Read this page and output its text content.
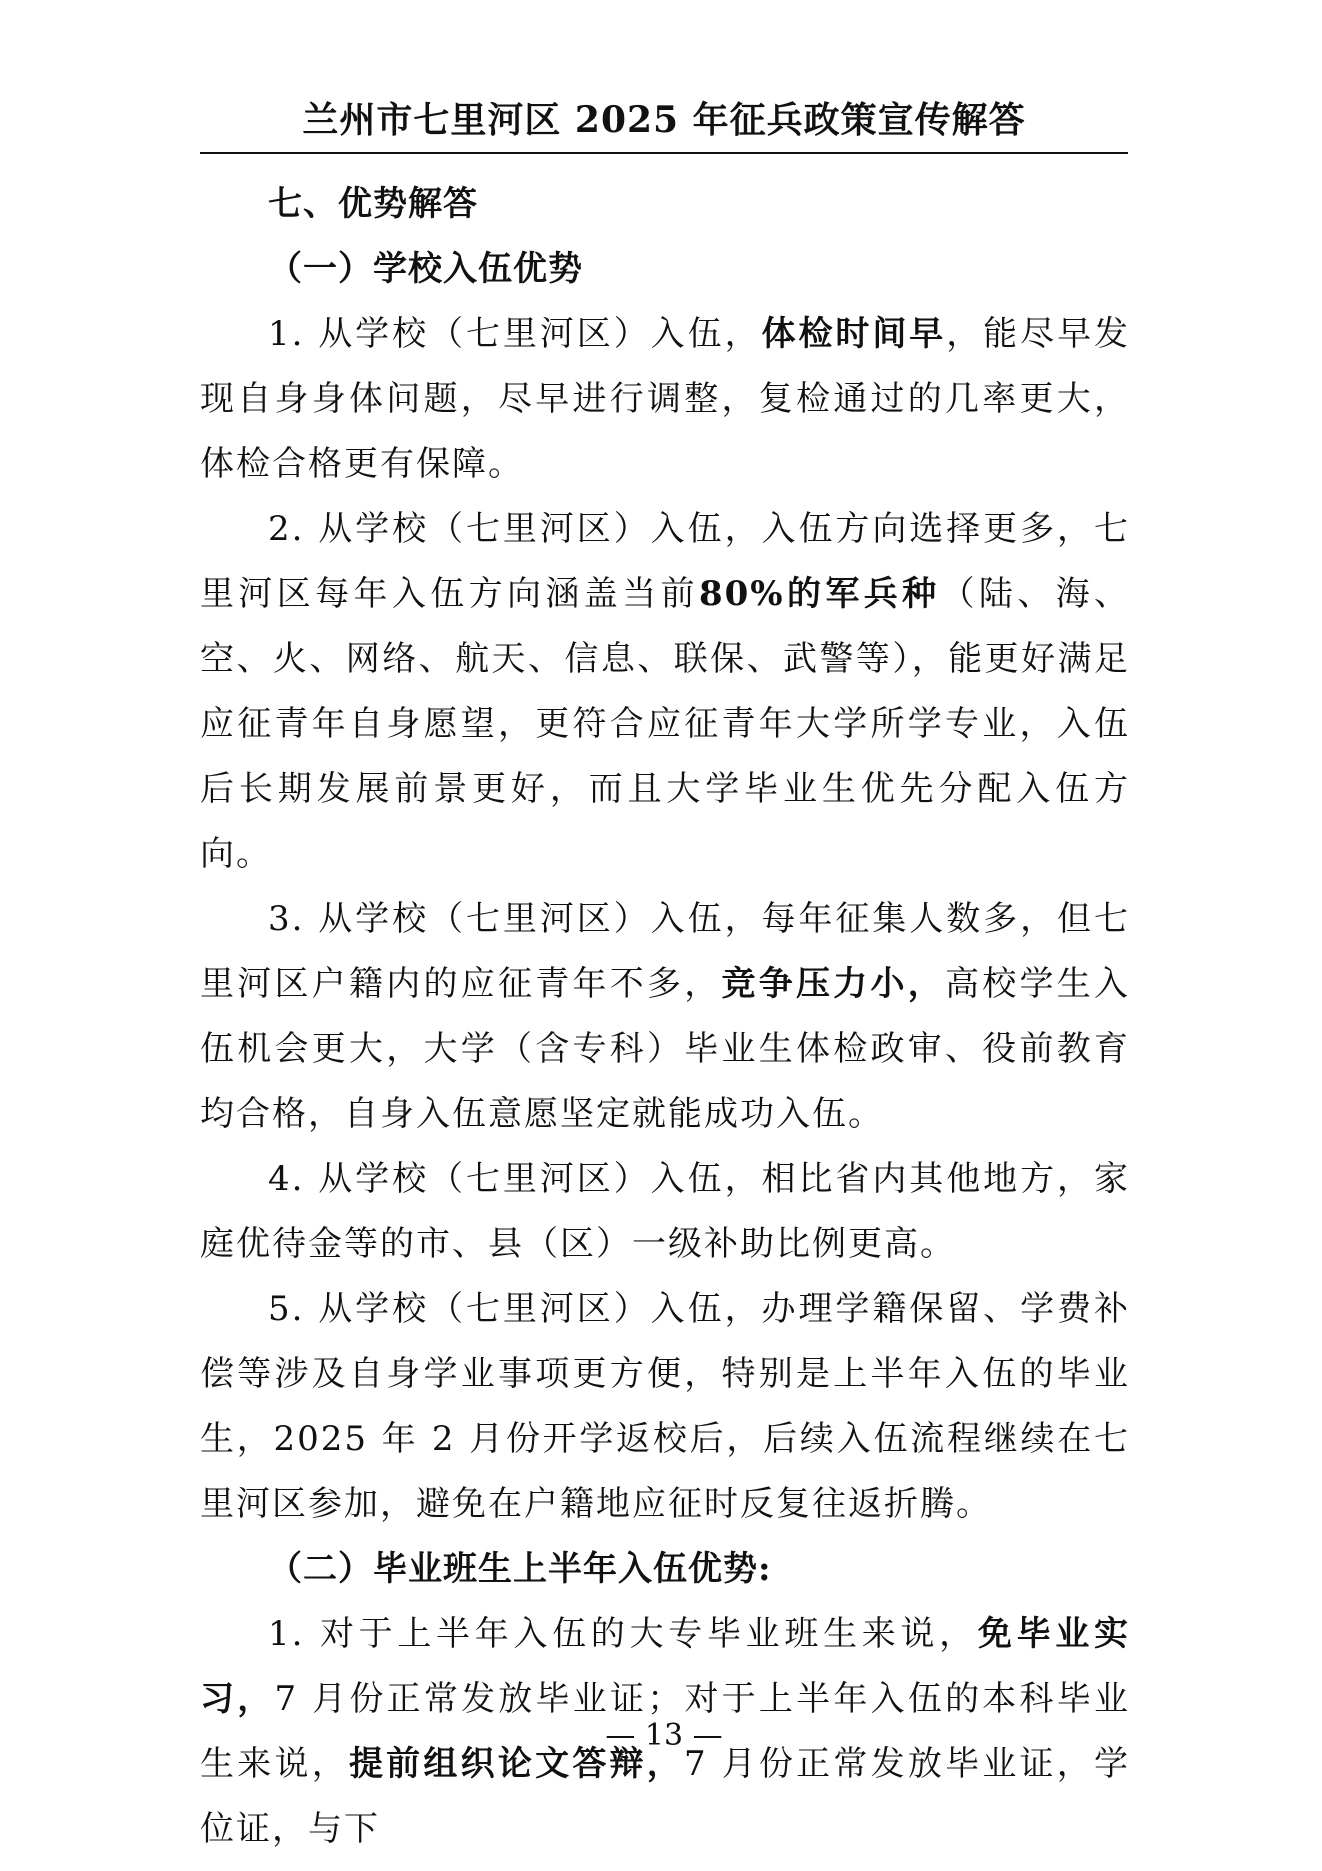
兰州市七里河区 2025 年征兵政策宣传解答

七、优势解答

（一）学校入伍优势

1. 从学校（七里河区）入伍，体检时间早，能尽早发现自身身体问题，尽早进行调整，复检通过的几率更大，体检合格更有保障。

2. 从学校（七里河区）入伍，入伍方向选择更多，七里河区每年入伍方向涵盖当前80%的军兵种（陆、海、空、火、网络、航天、信息、联保、武警等），能更好满足应征青年自身愿望，更符合应征青年大学所学专业，入伍后长期发展前景更好，而且大学毕业生优先分配入伍方向。

3. 从学校（七里河区）入伍，每年征集人数多，但七里河区户籍内的应征青年不多，竞争压力小，高校学生入伍机会更大，大学（含专科）毕业生体检政审、役前教育均合格，自身入伍意愿坚定就能成功入伍。

4. 从学校（七里河区）入伍，相比省内其他地方，家庭优待金等的市、县（区）一级补助比例更高。

5. 从学校（七里河区）入伍，办理学籍保留、学费补偿等涉及自身学业事项更方便，特别是上半年入伍的毕业生，2025 年 2 月份开学返校后，后续入伍流程继续在七里河区参加，避免在户籍地应征时反复往返折腾。

（二）毕业班生上半年入伍优势:

1. 对于上半年入伍的大专毕业班生来说，免毕业实习，7 月份正常发放毕业证；对于上半年入伍的本科毕业生来说，提前组织论文答辩，7 月份正常发放毕业证，学位证，与下

— 13 —
